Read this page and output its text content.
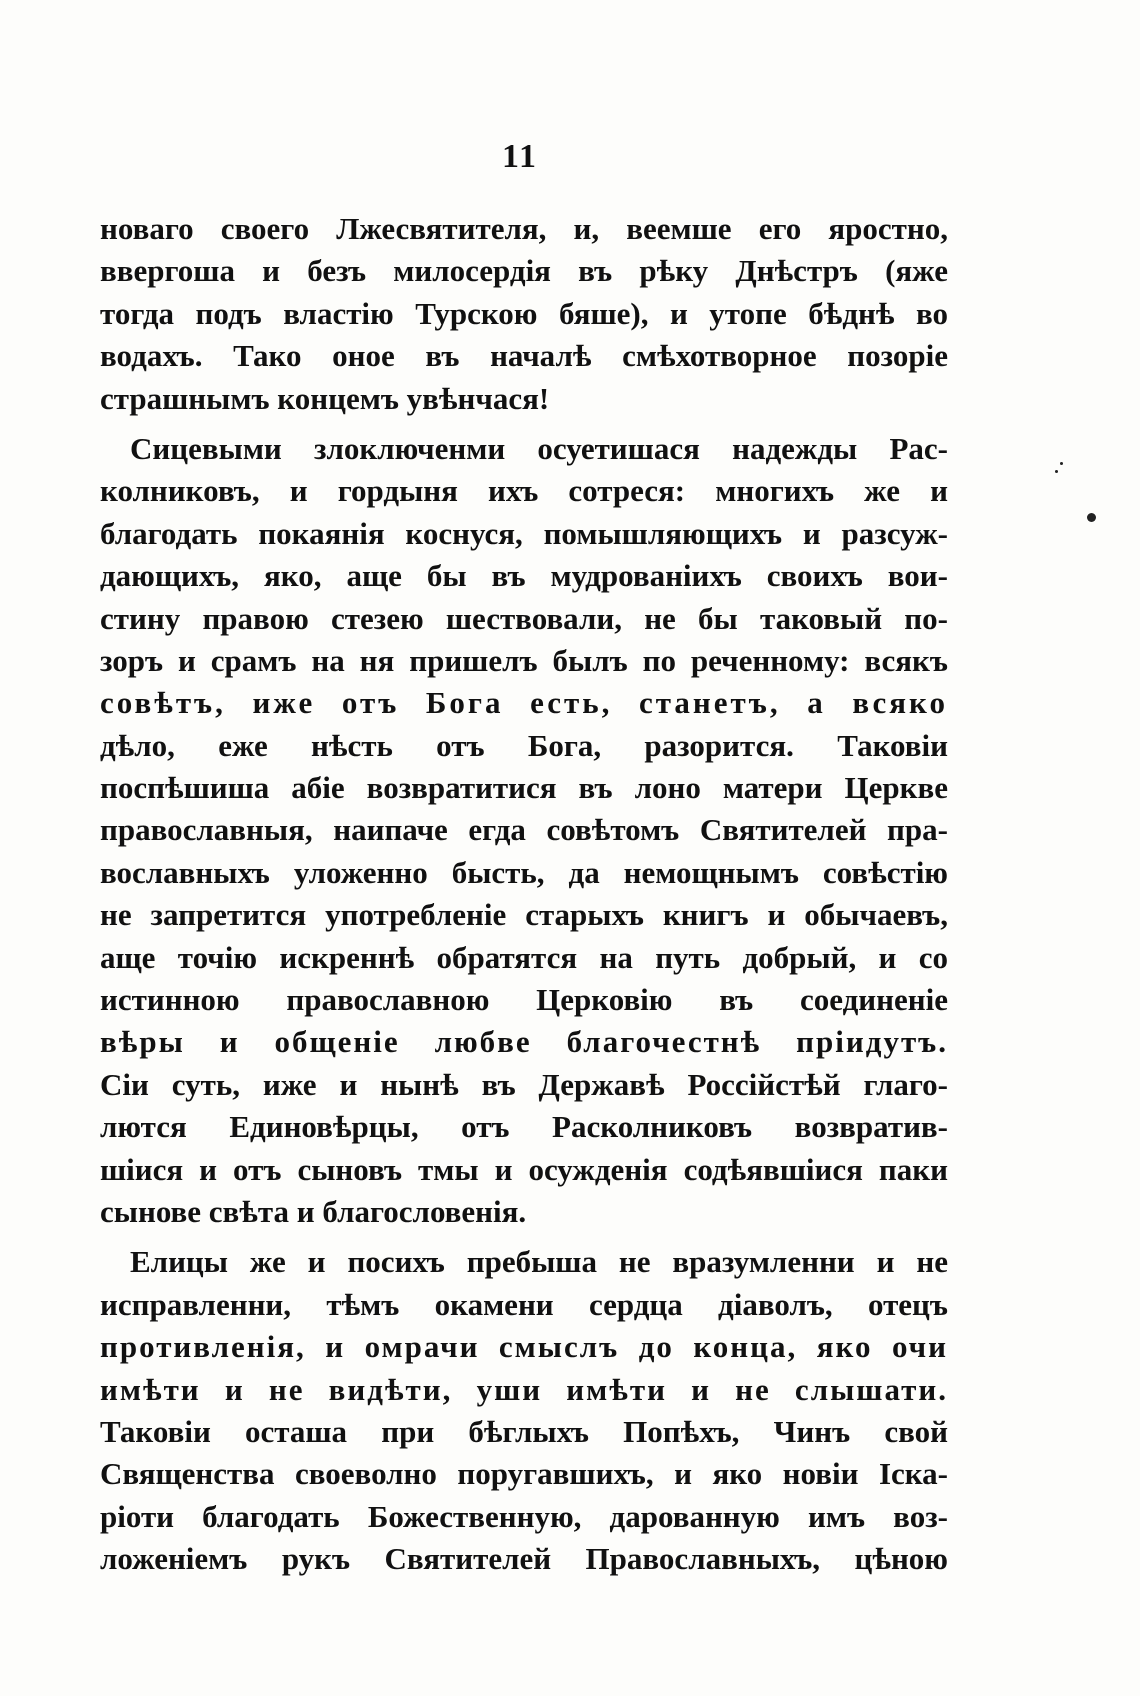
11
новаго своего Лжесвятителя, и, веемше его яростно,
ввергоша и безъ милосердія въ рѣку Днѣстръ (яже
тогда подъ властію Турскою бяше), и утопе бѣднѣ во
водахъ. Тако оное въ началѣ смѣхотворное позоріе
страшнымъ концемъ увѣнчася!
Сицевыми злоключенми осуетишася надежды Рас-
колниковъ, и гордыня ихъ сотреся: многихъ же и
благодать покаянія коснуся, помышляющихъ и разсуж-
дающихъ, яко, аще бы въ мудрованіихъ своихъ вои-
стину правою стезею шествовали, не бы таковый по-
зоръ и срамъ на ня пришелъ былъ по реченному: всякъ
совѣтъ, иже отъ Бога есть, станетъ, а всяко
дѣло, еже нѣсть отъ Бога, разорится. Таковіи
поспѣшиша абіе возвратитися въ лоно матери Церкве
православныя, наипаче егда совѣтомъ Святителей пра-
вославныхъ уложенно бысть, да немощнымъ совѣстію
не запретится употребленіе старыхъ книгъ и обычаевъ,
аще точію искреннѣ обратятся на путь добрый, и со
истинною православною Церковію въ соединеніе
вѣры и общеніе любве благочестнѣ пріидутъ.
Сіи суть, иже и нынѣ въ Державѣ Россійстѣй глаго-
лются Единовѣрцы, отъ Расколниковъ возвратив-
шіися и отъ сыновъ тмы и осужденія содѣявшіися паки
сынове свѣта и благословенія.
Елицы же и посихъ пребыша не вразумленни и не
исправленни, тѣмъ окамени сердца діаволъ, отецъ
противленія, и омрачи смыслъ до конца, яко очи
имѣти и не видѣти, уши имѣти и не слышати.
Таковіи осташа при бѣглыхъ Попѣхъ, Чинъ свой
Священства своеволно поругавшихъ, и яко новіи Іска-
ріоти благодать Божественную, дарованную имъ воз-
ложеніемъ рукъ Святителей Православныхъ, цѣною
